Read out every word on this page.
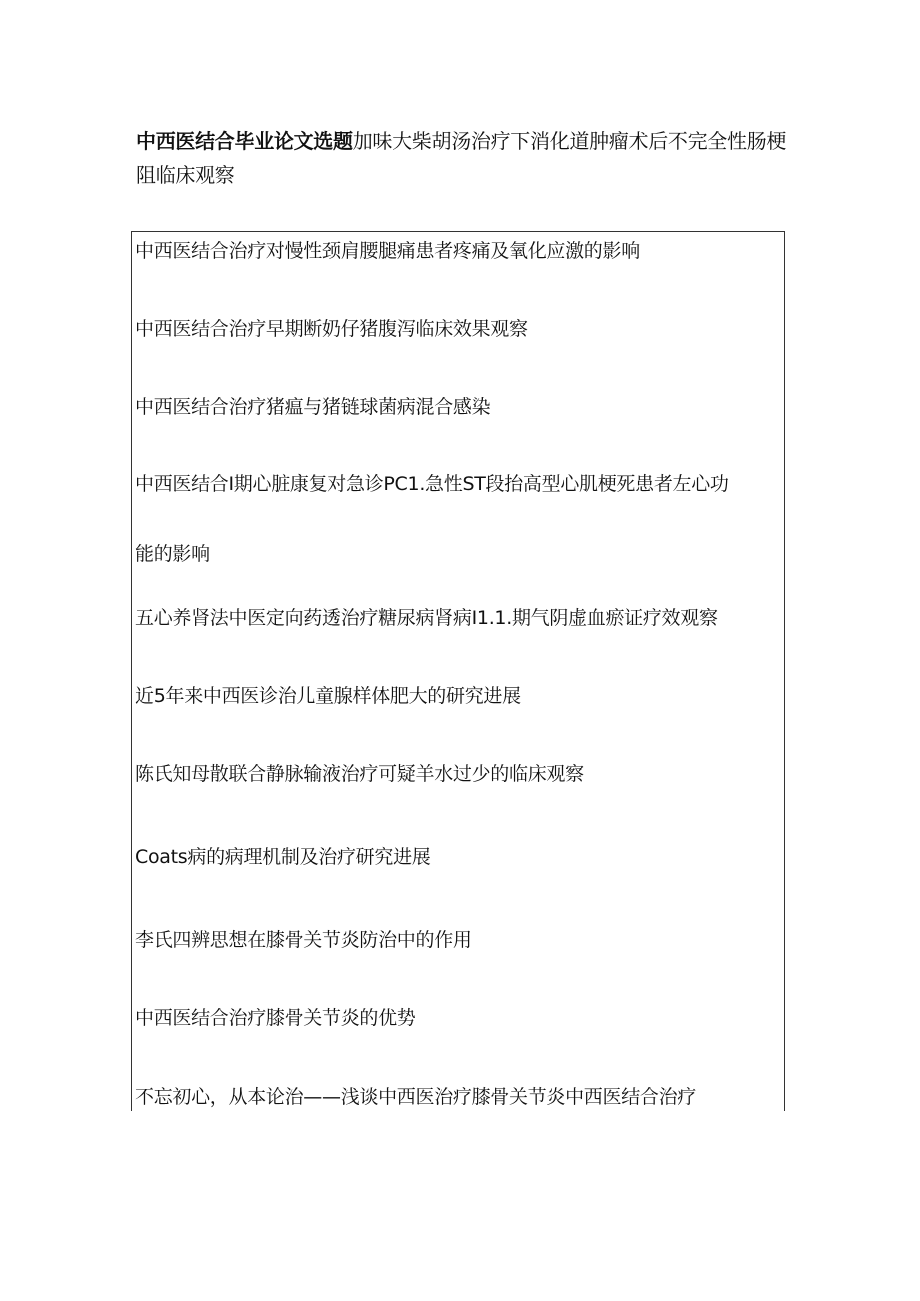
中西医结合毕业论文选题加味大柴胡汤治疗下消化道肿瘤术后不完全性肠梗阻临床观察
中西医结合治疗对慢性颈肩腰腿痛患者疼痛及氧化应激的影响
中西医结合治疗早期断奶仔猪腹泻临床效果观察
中西医结合治疗猪瘟与猪链球菌病混合感染
中西医结合I期心脏康复对急诊PC1.急性ST段抬高型心肌梗死患者左心功能的影响
五心养肾法中医定向药透治疗糖尿病肾病I1.1.期气阴虚血瘀证疗效观察
近5年来中西医诊治儿童腺样体肥大的研究进展
陈氏知母散联合静脉输液治疗可疑羊水过少的临床观察
Coats病的病理机制及治疗研究进展
李氏四辨思想在膝骨关节炎防治中的作用
中西医结合治疗膝骨关节炎的优势
不忘初心，从本论治——浅谈中西医治疗膝骨关节炎中西医结合治疗
